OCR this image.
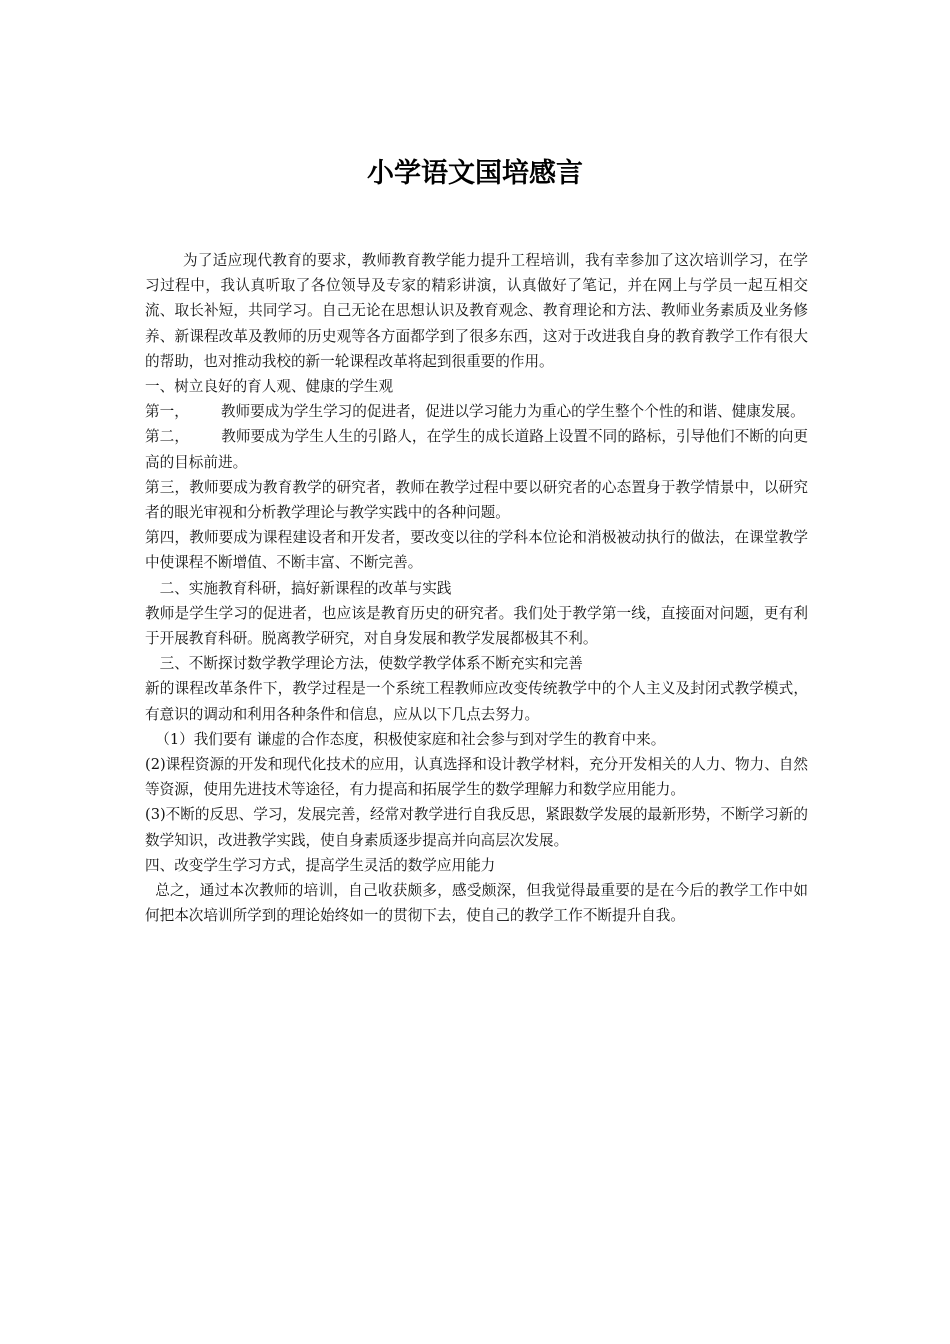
小学语文国培感言

为了适应现代教育的要求，教师教育教学能力提升工程培训，我有幸参加了这次培训学习，在学习过程中，我认真听取了各位领导及专家的精彩讲演，认真做好了笔记，并在网上与学员一起互相交流、取长补短，共同学习。自己无论在思想认识及教育观念、教育理论和方法、教师业务素质及业务修养、新课程改革及教师的历史观等各方面都学到了很多东西，这对于改进我自身的教育教学工作有很大的帮助，也对推动我校的新一轮课程改革将起到很重要的作用。

一、树立良好的育人观、健康的学生观

第一， 教师要成为学生学习的促进者，促进以学习能力为重心的学生整个个性的和谐、健康发展。

第二， 教师要成为学生人生的引路人，在学生的成长道路上设置不同的路标，引导他们不断的向更高的目标前进。

第三，教师要成为教育教学的研究者，教师在教学过程中要以研究者的心态置身于教学情景中，以研究者的眼光审视和分析教学理论与教学实践中的各种问题。

第四，教师要成为课程建设者和开发者，要改变以往的学科本位论和消极被动执行的做法，在课堂教学中使课程不断增值、不断丰富、不断完善。

二、实施教育科研，搞好新课程的改革与实践

教师是学生学习的促进者，也应该是教育历史的研究者。我们处于教学第一线，直接面对问题，更有利于开展教育科研。脱离教学研究，对自身发展和教学发展都极其不利。

三、不断探讨数学教学理论方法，使数学教学体系不断充实和完善

新的课程改革条件下，教学过程是一个系统工程教师应改变传统教学中的个人主义及封闭式教学模式，有意识的调动和利用各种条件和信息，应从以下几点去努力。

（1）我们要有 谦虚的合作态度，积极使家庭和社会参与到对学生的教育中来。

(2)课程资源的开发和现代化技术的应用，认真选择和设计教学材料，充分开发相关的人力、物力、自然等资源，使用先进技术等途径，有力提高和拓展学生的数学理解力和数学应用能力。

(3)不断的反思、学习，发展完善，经常对教学进行自我反思，紧跟数学发展的最新形势，不断学习新的数学知识，改进教学实践，使自身素质逐步提高并向高层次发展。

四、改变学生学习方式，提高学生灵活的数学应用能力

总之，通过本次教师的培训，自己收获颇多，感受颇深，但我觉得最重要的是在今后的教学工作中如何把本次培训所学到的理论始终如一的贯彻下去，使自己的教学工作不断提升自我。
